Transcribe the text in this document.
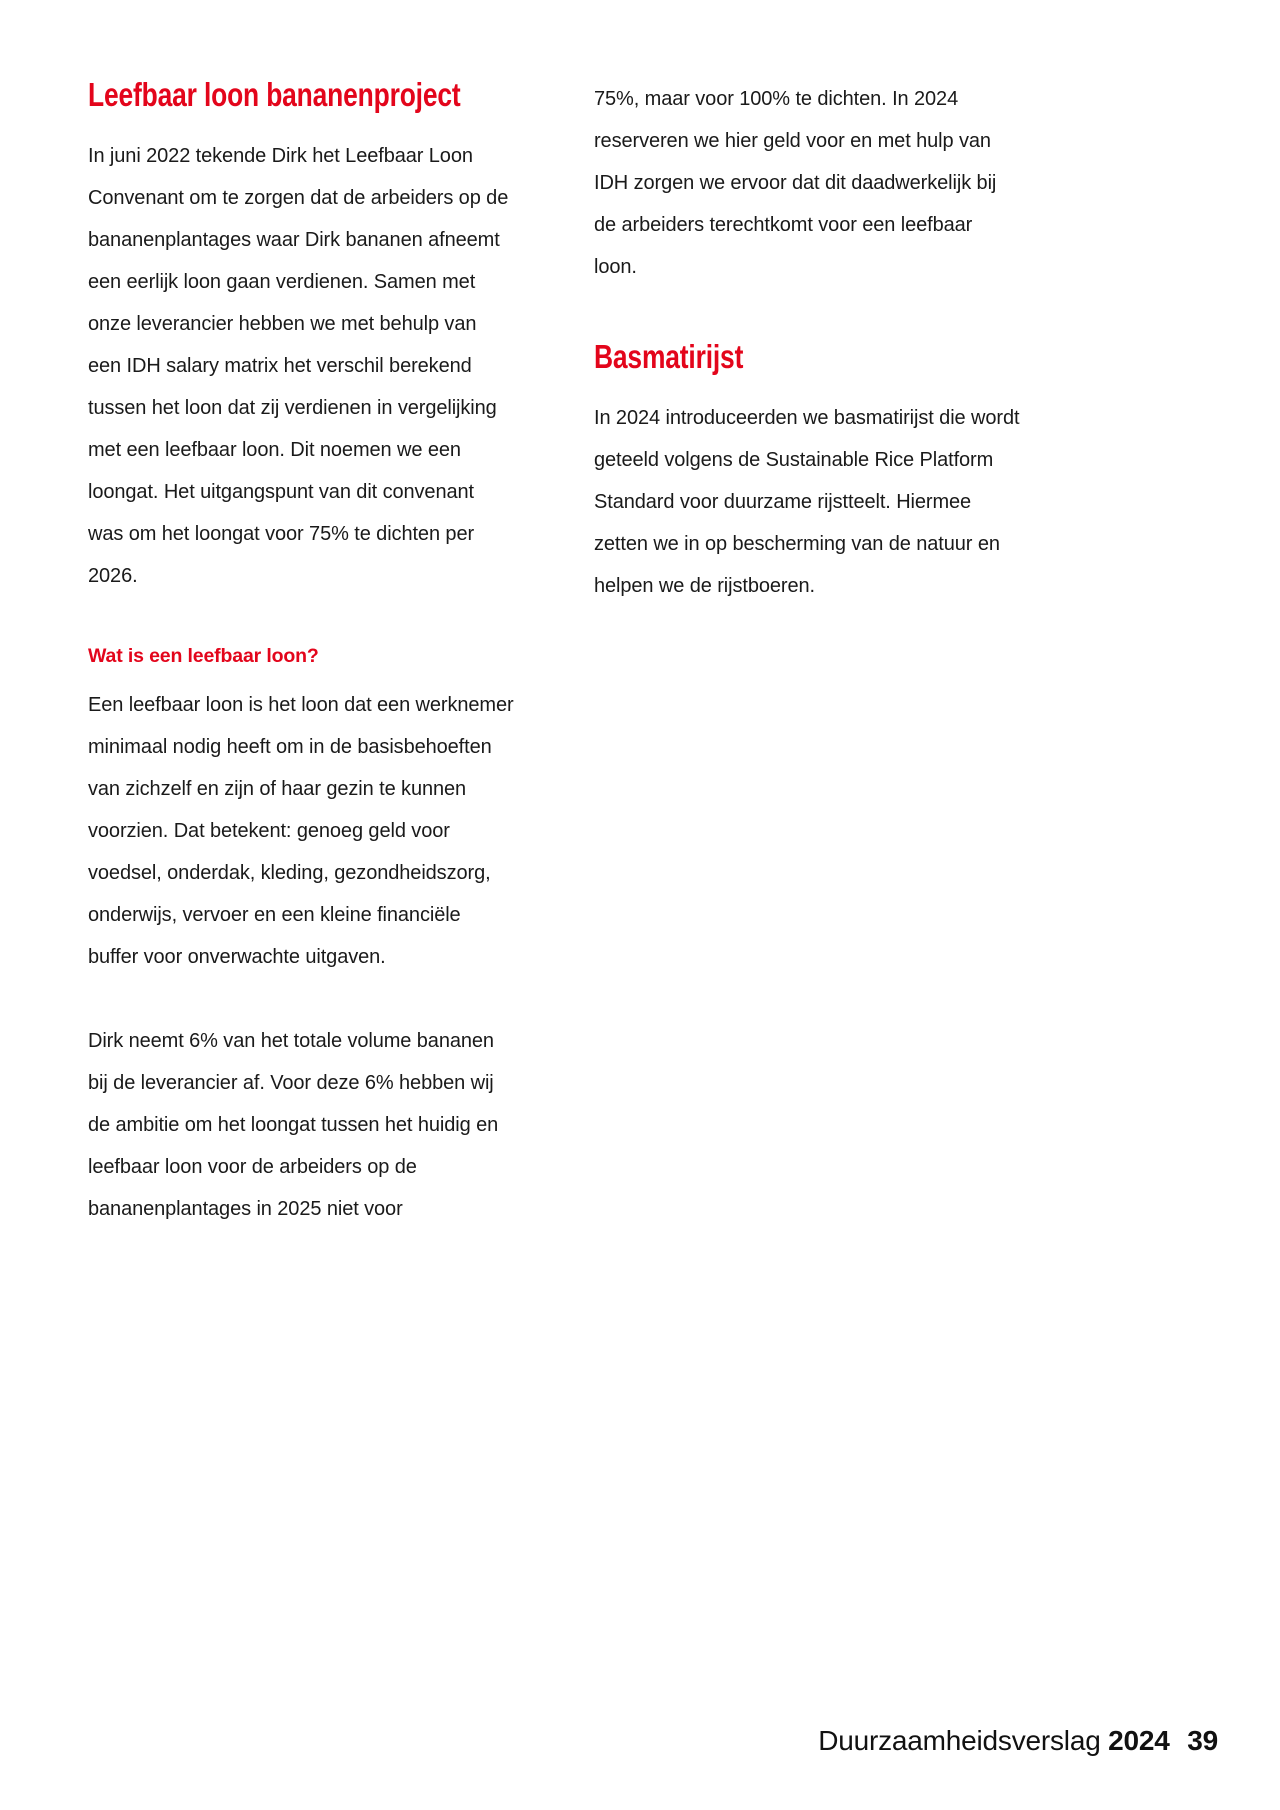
Leefbaar loon bananenproject

In juni 2022 tekende Dirk het Leefbaar Loon Convenant om te zorgen dat de arbeiders op de bananenplantages waar Dirk bananen afneemt een eerlijk loon gaan verdienen. Samen met onze leverancier hebben we met behulp van een IDH salary matrix het verschil berekend tussen het loon dat zij verdienen in vergelijking met een leefbaar loon. Dit noemen we een loongat. Het uitgangspunt van dit convenant was om het loongat voor 75% te dichten per 2026.

Wat is een leefbaar loon?

Een leefbaar loon is het loon dat een werknemer minimaal nodig heeft om in de basisbehoeften van zichzelf en zijn of haar gezin te kunnen voorzien. Dat betekent: genoeg geld voor voedsel, onderdak, kleding, gezondheidszorg, onderwijs, vervoer en een kleine financiële buffer voor onverwachte uitgaven.

Dirk neemt 6% van het totale volume bananen bij de leverancier af. Voor deze 6% hebben wij de ambitie om het loongat tussen het huidig en leefbaar loon voor de arbeiders op de bananenplantages in 2025 niet voor

75%, maar voor 100% te dichten. In 2024 reserveren we hier geld voor en met hulp van IDH zorgen we ervoor dat dit daadwerkelijk bij de arbeiders terechtkomt voor een leefbaar loon.

Basmatirijst

In 2024 introduceerden we basmatirijst die wordt geteeld volgens de Sustainable Rice Platform Standard voor duurzame rijstteelt. Hiermee zetten we in op bescherming van de natuur en helpen we de rijstboeren.

Duurzaamheidsverslag 2024 39
